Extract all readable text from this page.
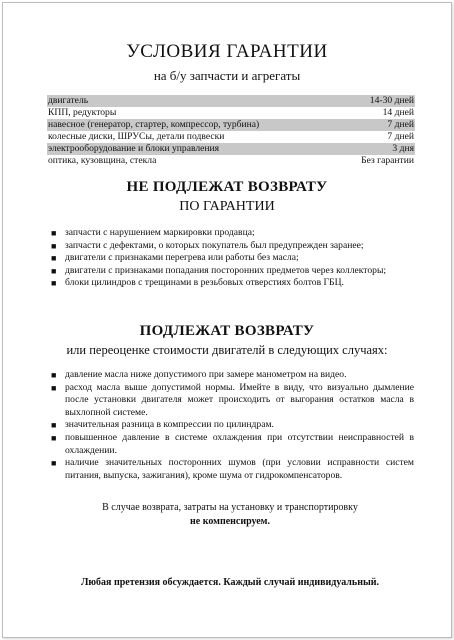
УСЛОВИЯ ГАРАНТИИ
на б/у запчасти и агрегаты
двигатель	14-30 дней
КПП, редукторы	14 дней
навесное (генератор, стартер, компрессор, турбина)	7 дней
колесные диски, ШРУСы, детали подвески	7 дней
электрооборудование и блоки управления	3 дня
оптика, кузовщина, стекла	Без гарантии
НЕ ПОДЛЕЖАТ ВОЗВРАТУ
ПО ГАРАНТИИ
■ запчасти с нарушением маркировки продавца;
■ запчасти с дефектами, о которых покупатель был предупрежден заранее;
■ двигатели с признаками перегрева или работы без масла;
■ двигатели с признаками попадания посторонних предметов через коллекторы;
■ блоки цилиндров с трещинами в резьбовых отверстиях болтов ГБЦ.
ПОДЛЕЖАТ ВОЗВРАТУ
или переоценке стоимости двигателй в следующих случаях:
■ давление масла ниже допустимого при замере манометром на видео.
■ расход масла выше допустимой нормы. Имейте в виду, что визуально дымление после установки двигателя может происходить от выгорания остатков масла в выхлопной системе.
■ значительная разница в компрессии по цилиндрам.
■ повышенное давление в системе охлаждения при отсутствии неисправностей в охлаждении.
■ наличие значительных посторонних шумов (при условии исправности систем питания, выпуска, зажигания), кроме шума от гидрокомпенсаторов.
В случае возврата, затраты на установку и транспортировку
не компенсируем.
Любая претензия обсуждается. Каждый случай индивидуальный.
